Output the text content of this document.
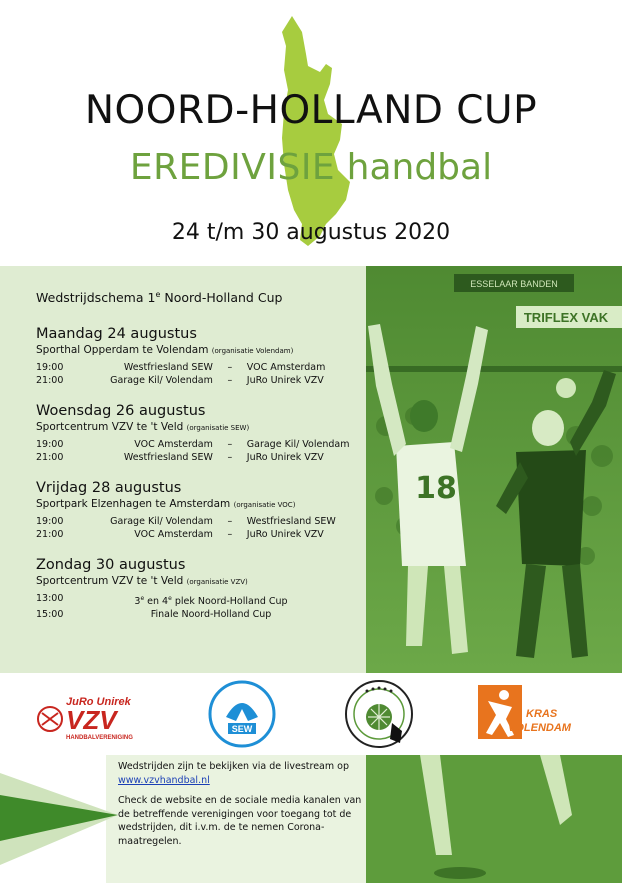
NOORD-HOLLAND CUP
EREDIVISIE handbal
24 t/m 30 augustus 2020
ESSELAAR BANDEN
TRIFLEX VAK
18
Wedstrijdschema 1e Noord-Holland Cup
Maandag 24 augustus
Sporthal Opperdam te Volendam (organisatie Volendam)
19:00	Westfriesland SEW	–	VOC Amsterdam
21:00	Garage Kil/ Volendam	–	JuRo Unirek VZV
Woensdag 26 augustus
Sportcentrum VZV te 't Veld (organisatie SEW)
19:00	VOC Amsterdam	–	Garage Kil/ Volendam
21:00	Westfriesland SEW	–	JuRo Unirek VZV
Vrijdag 28 augustus
Sportpark Elzenhagen te Amsterdam (organisatie VOC)
19:00	Garage Kil/ Volendam	–	Westfriesland SEW
21:00	VOC Amsterdam	–	JuRo Unirek VZV
Zondag 30 augustus
Sportcentrum VZV te 't Veld (organisatie VZV)
13:00	3e en 4e plek Noord-Holland Cup
15:00	Finale Noord-Holland Cup
JuRo Unirek
VZV
HANDBALVERENIGING
SEW
KRAS
VOLENDAM

Wedstrijden zijn te bekijken via de livestream op
www.vzvhandbal.nl

Check de website en de sociale media kanalen van de betreffende verenigingen voor toegang tot de wedstrijden, dit i.v.m. de te nemen Corona-maatregelen.
